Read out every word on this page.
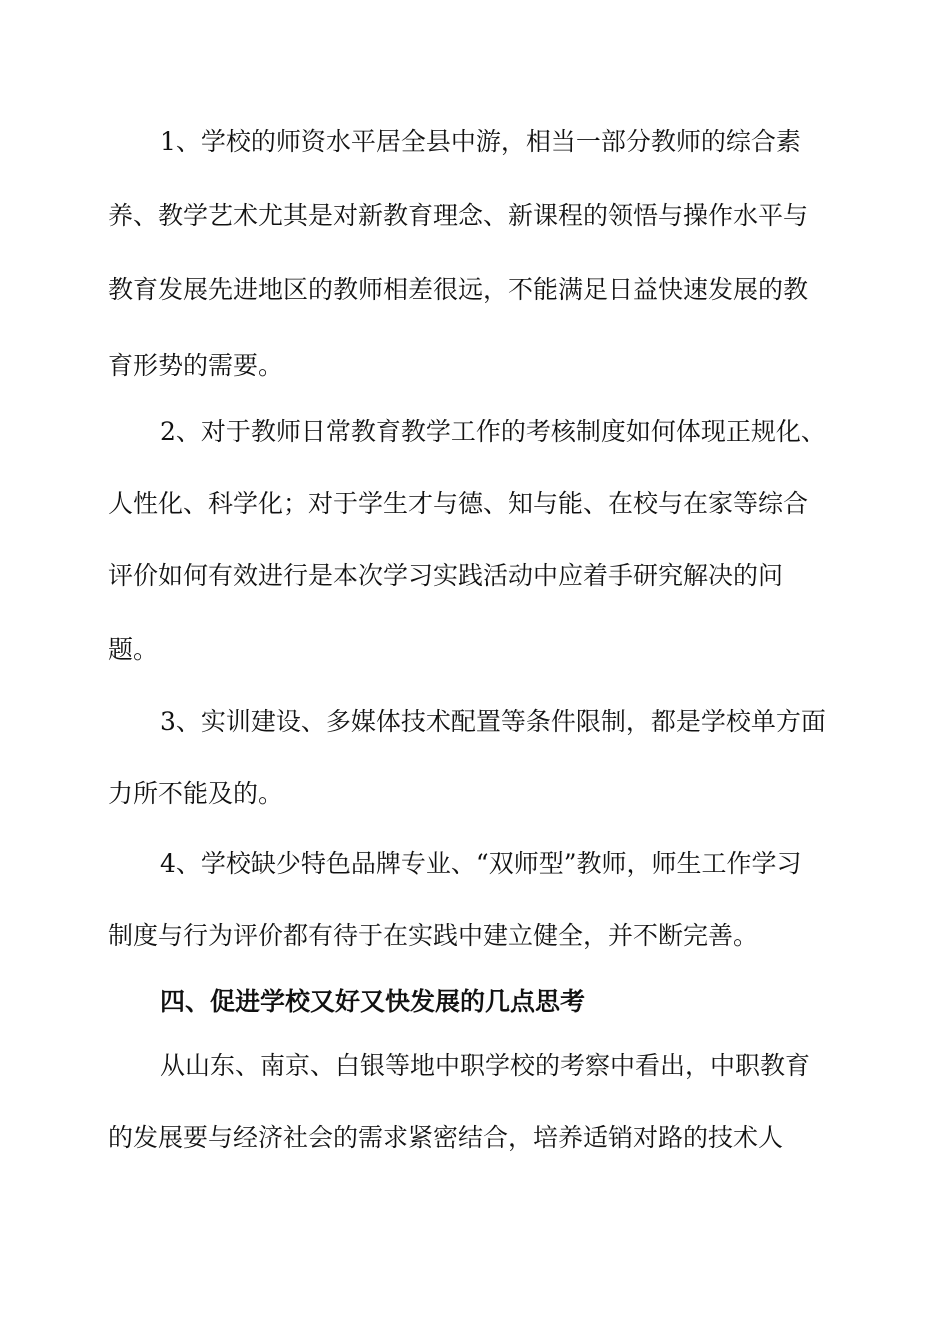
1、学校的师资水平居全县中游，相当一部分教师的综合素
养、教学艺术尤其是对新教育理念、新课程的领悟与操作水平与
教育发展先进地区的教师相差很远，不能满足日益快速发展的教
育形势的需要。
2、对于教师日常教育教学工作的考核制度如何体现正规化、
人性化、科学化；对于学生才与德、知与能、在校与在家等综合
评价如何有效进行是本次学习实践活动中应着手研究解决的问
题。
3、实训建设、多媒体技术配置等条件限制，都是学校单方面
力所不能及的。
4、学校缺少特色品牌专业、“双师型”教师，师生工作学习
制度与行为评价都有待于在实践中建立健全，并不断完善。
四、促进学校又好又快发展的几点思考
从山东、南京、白银等地中职学校的考察中看出，中职教育
的发展要与经济社会的需求紧密结合，培养适销对路的技术人
